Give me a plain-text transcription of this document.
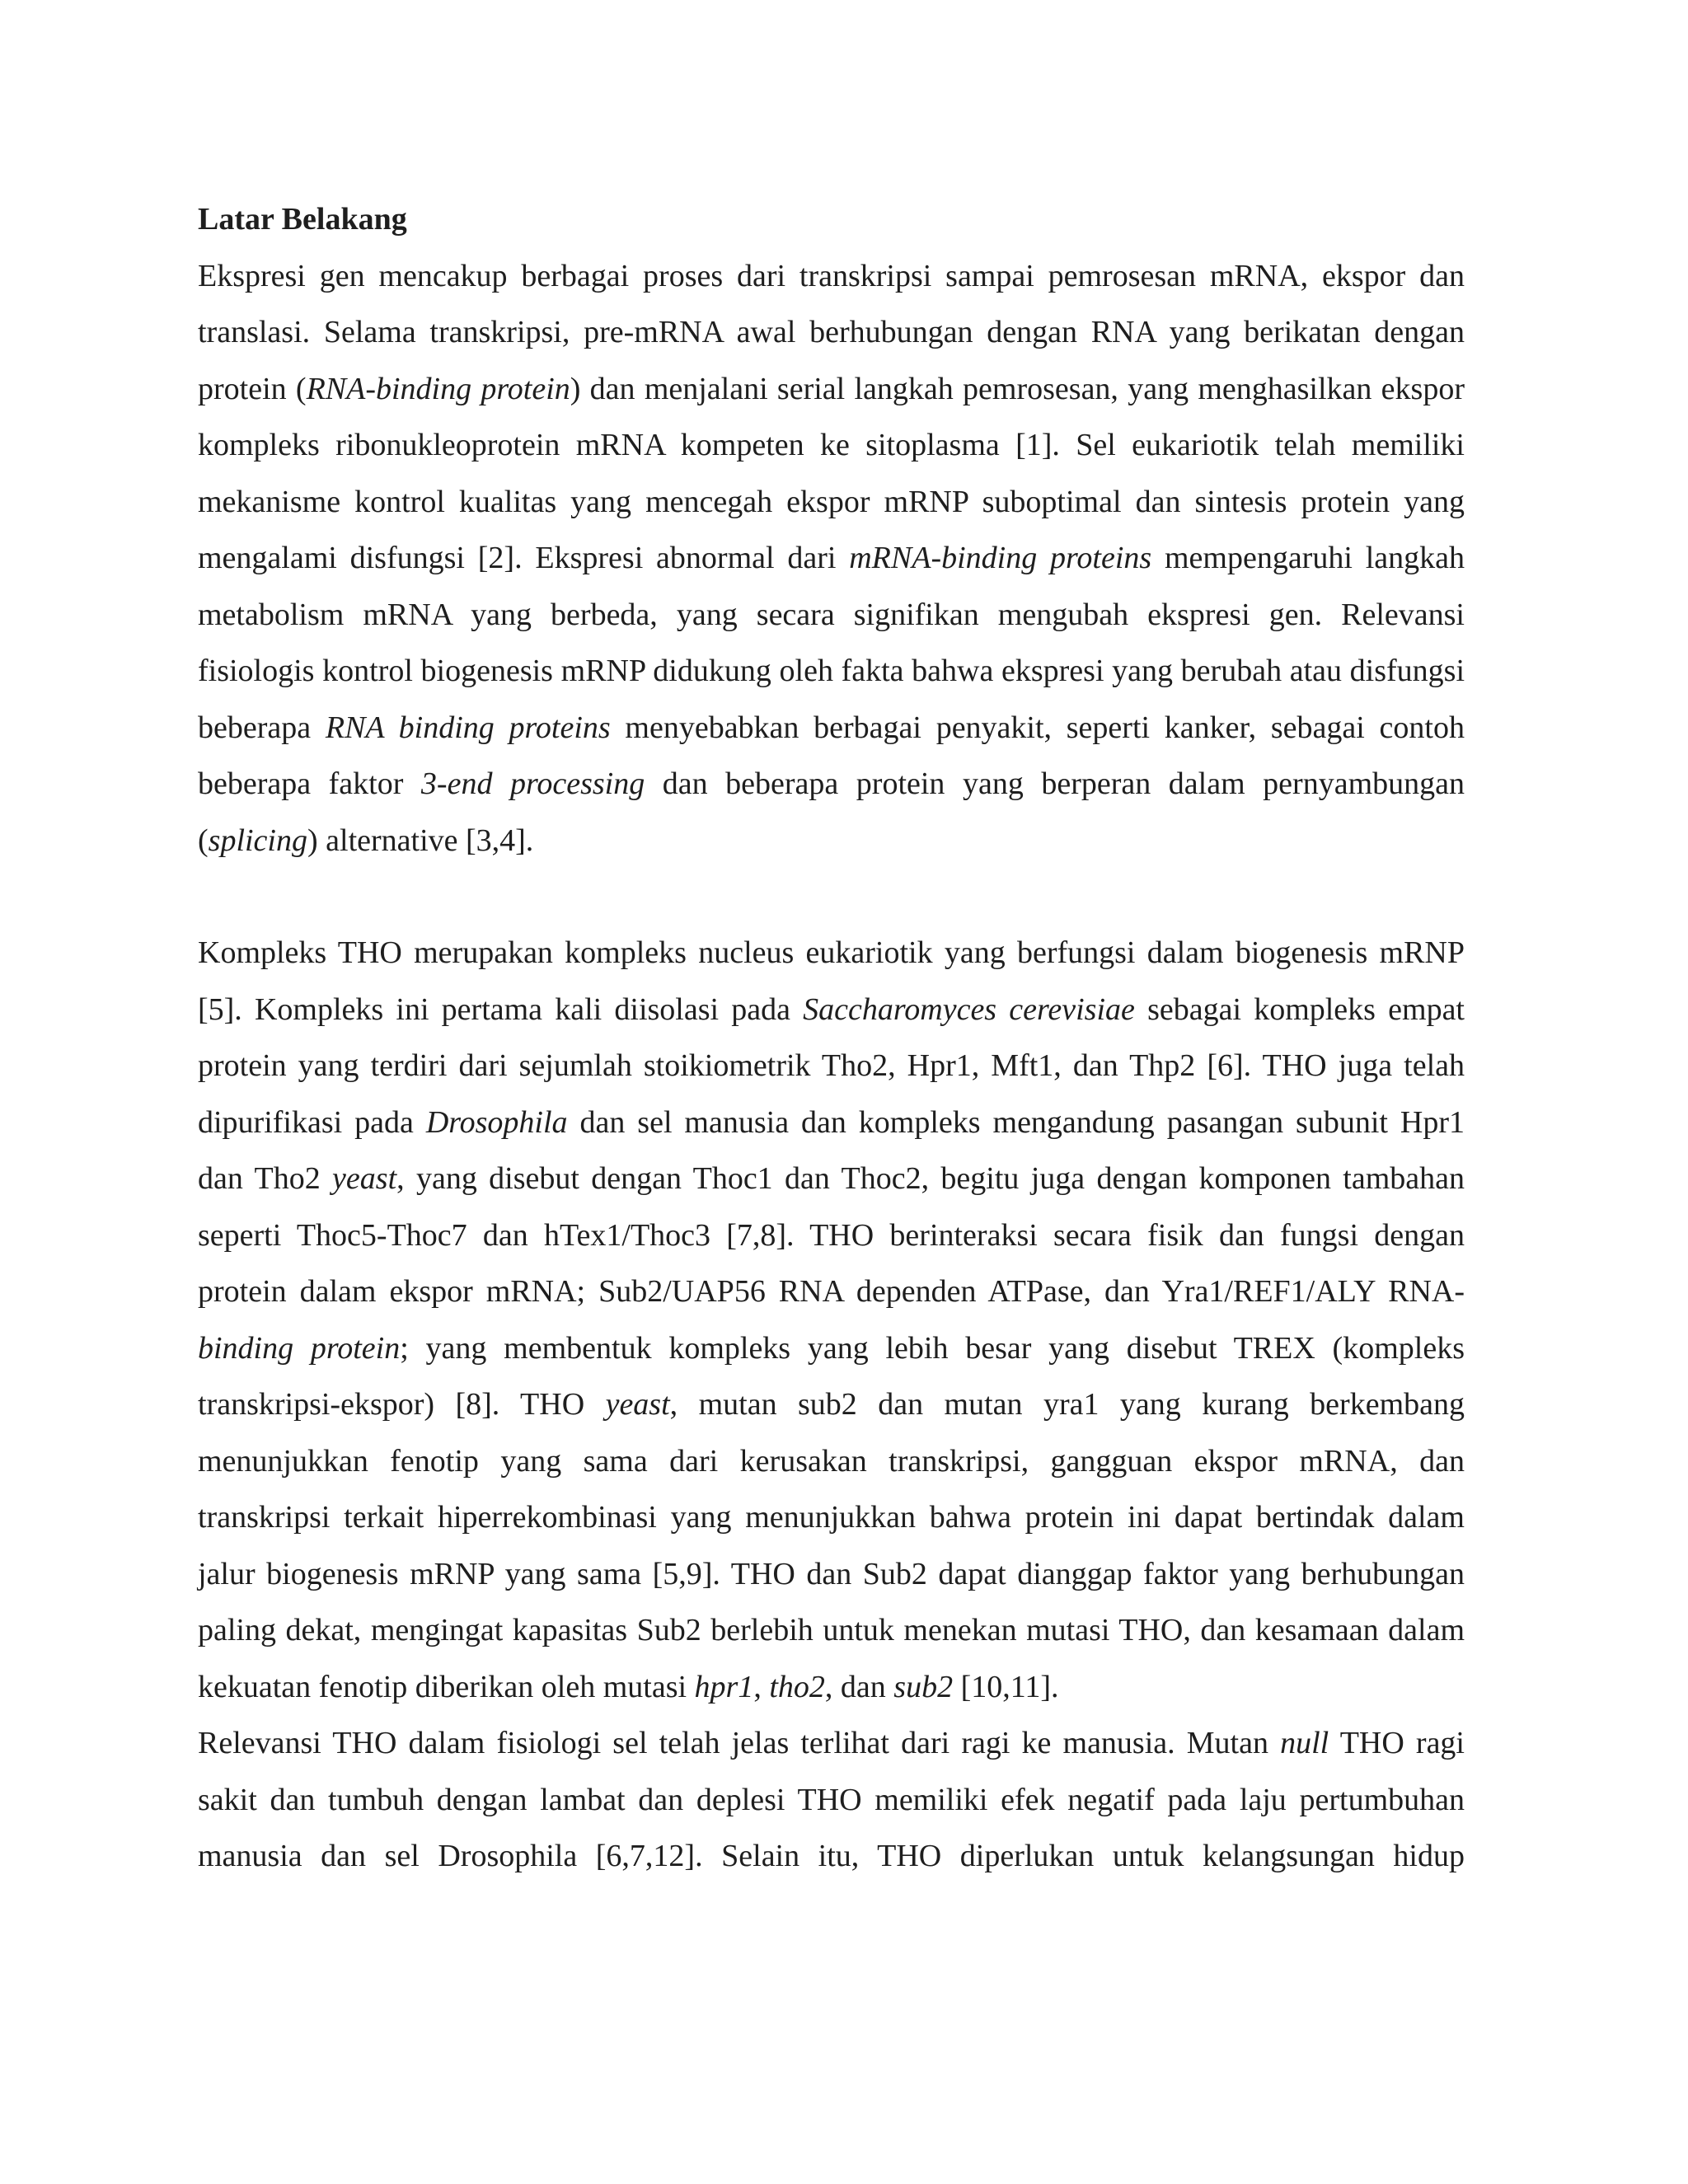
Latar Belakang

Ekspresi gen mencakup berbagai proses dari transkripsi sampai pemrosesan mRNA, ekspor dan translasi. Selama transkripsi, pre-mRNA awal berhubungan dengan RNA yang berikatan dengan protein (RNA-binding protein) dan menjalani serial langkah pemrosesan, yang menghasilkan ekspor kompleks ribonukleoprotein mRNA kompeten ke sitoplasma [1]. Sel eukariotik telah memiliki mekanisme kontrol kualitas yang mencegah ekspor mRNP suboptimal dan sintesis protein yang mengalami disfungsi [2]. Ekspresi abnormal dari mRNA-binding proteins mempengaruhi langkah metabolism mRNA yang berbeda, yang secara signifikan mengubah ekspresi gen. Relevansi fisiologis kontrol biogenesis mRNP didukung oleh fakta bahwa ekspresi yang berubah atau disfungsi beberapa RNA binding proteins menyebabkan berbagai penyakit, seperti kanker, sebagai contoh beberapa faktor 3-end processing dan beberapa protein yang berperan dalam pernyambungan (splicing) alternative [3,4].

Kompleks THO merupakan kompleks nucleus eukariotik yang berfungsi dalam biogenesis mRNP [5]. Kompleks ini pertama kali diisolasi pada Saccharomyces cerevisiae sebagai kompleks empat protein yang terdiri dari sejumlah stoikiometrik Tho2, Hpr1, Mft1, dan Thp2 [6]. THO juga telah dipurifikasi pada Drosophila dan sel manusia dan kompleks mengandung pasangan subunit Hpr1 dan Tho2 yeast, yang disebut dengan Thoc1 dan Thoc2, begitu juga dengan komponen tambahan seperti Thoc5-Thoc7 dan hTex1/Thoc3 [7,8]. THO berinteraksi secara fisik dan fungsi dengan protein dalam ekspor mRNA; Sub2/UAP56 RNA dependen ATPase, dan Yra1/REF1/ALY RNA-binding protein; yang membentuk kompleks yang lebih besar yang disebut TREX (kompleks transkripsi-ekspor) [8]. THO yeast, mutan sub2 dan mutan yra1 yang kurang berkembang menunjukkan fenotip yang sama dari kerusakan transkripsi, gangguan ekspor mRNA, dan transkripsi terkait hiperrekombinasi yang menunjukkan bahwa protein ini dapat bertindak dalam jalur biogenesis mRNP yang sama [5,9]. THO dan Sub2 dapat dianggap faktor yang berhubungan paling dekat, mengingat kapasitas Sub2 berlebih untuk menekan mutasi THO, dan kesamaan dalam kekuatan fenotip diberikan oleh mutasi hpr1, tho2, dan sub2 [10,11].

Relevansi THO dalam fisiologi sel telah jelas terlihat dari ragi ke manusia. Mutan null THO ragi sakit dan tumbuh dengan lambat dan deplesi THO memiliki efek negatif pada laju pertumbuhan manusia dan sel Drosophila [6,7,12]. Selain itu, THO diperlukan untuk kelangsungan hidup
